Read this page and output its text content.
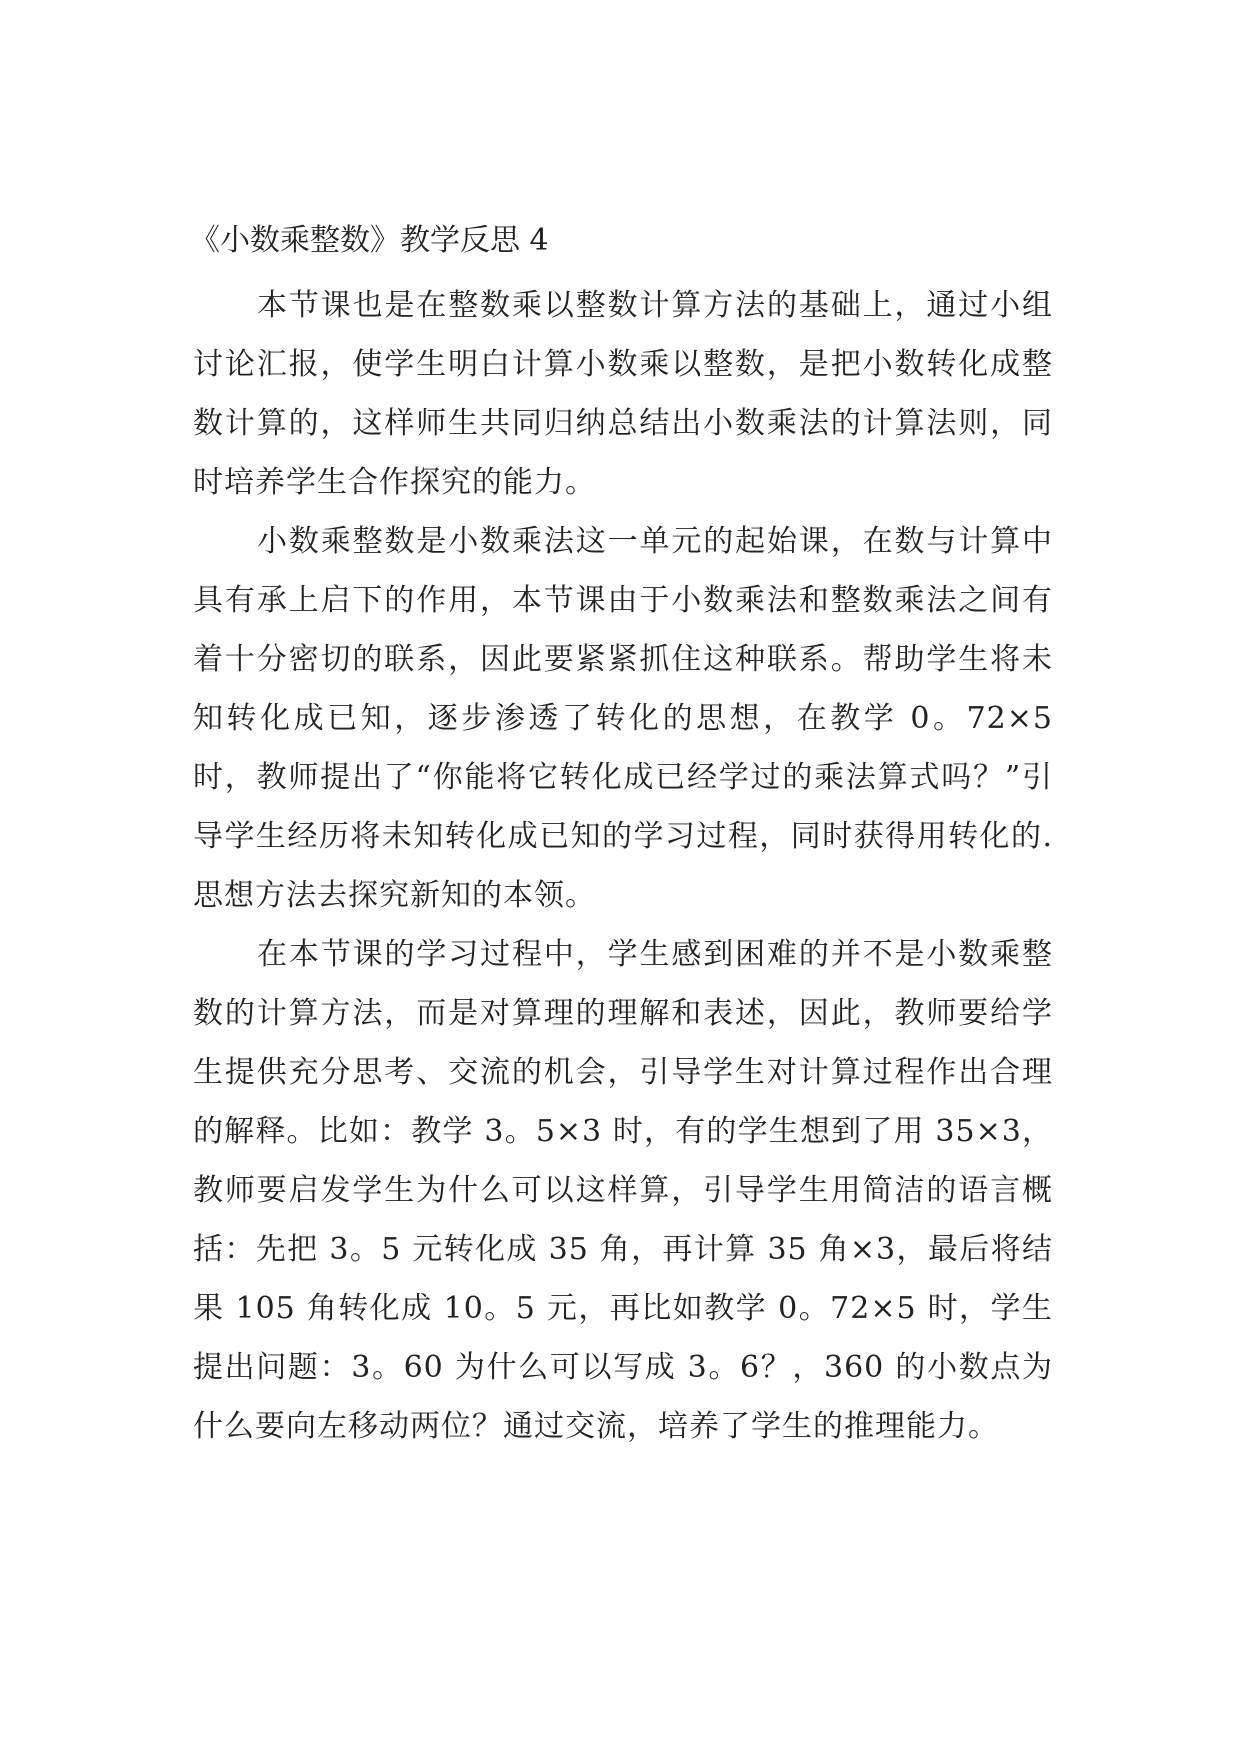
《小数乘整数》教学反思 4

本节课也是在整数乘以整数计算方法的基础上，通过小组讨论汇报，使学生明白计算小数乘以整数，是把小数转化成整数计算的，这样师生共同归纳总结出小数乘法的计算法则，同时培养学生合作探究的能力。

小数乘整数是小数乘法这一单元的起始课，在数与计算中具有承上启下的作用，本节课由于小数乘法和整数乘法之间有着十分密切的联系，因此要紧紧抓住这种联系。帮助学生将未知转化成已知，逐步渗透了转化的思想，在教学 0。72×5 时，教师提出了“你能将它转化成已经学过的乘法算式吗？”引导学生经历将未知转化成已知的学习过程，同时获得用转化的.思想方法去探究新知的本领。

在本节课的学习过程中，学生感到困难的并不是小数乘整数的计算方法，而是对算理的理解和表述，因此，教师要给学生提供充分思考、交流的机会，引导学生对计算过程作出合理的解释。比如：教学 3。5×3 时，有的学生想到了用 35×3，教师要启发学生为什么可以这样算，引导学生用简洁的语言概括：先把 3。5 元转化成 35 角，再计算 35 角×3，最后将结果 105 角转化成 10。5 元，再比如教学 0。72×5 时，学生提出问题：3。60 为什么可以写成 3。6？，360 的小数点为什么要向左移动两位？通过交流，培养了学生的推理能力。
